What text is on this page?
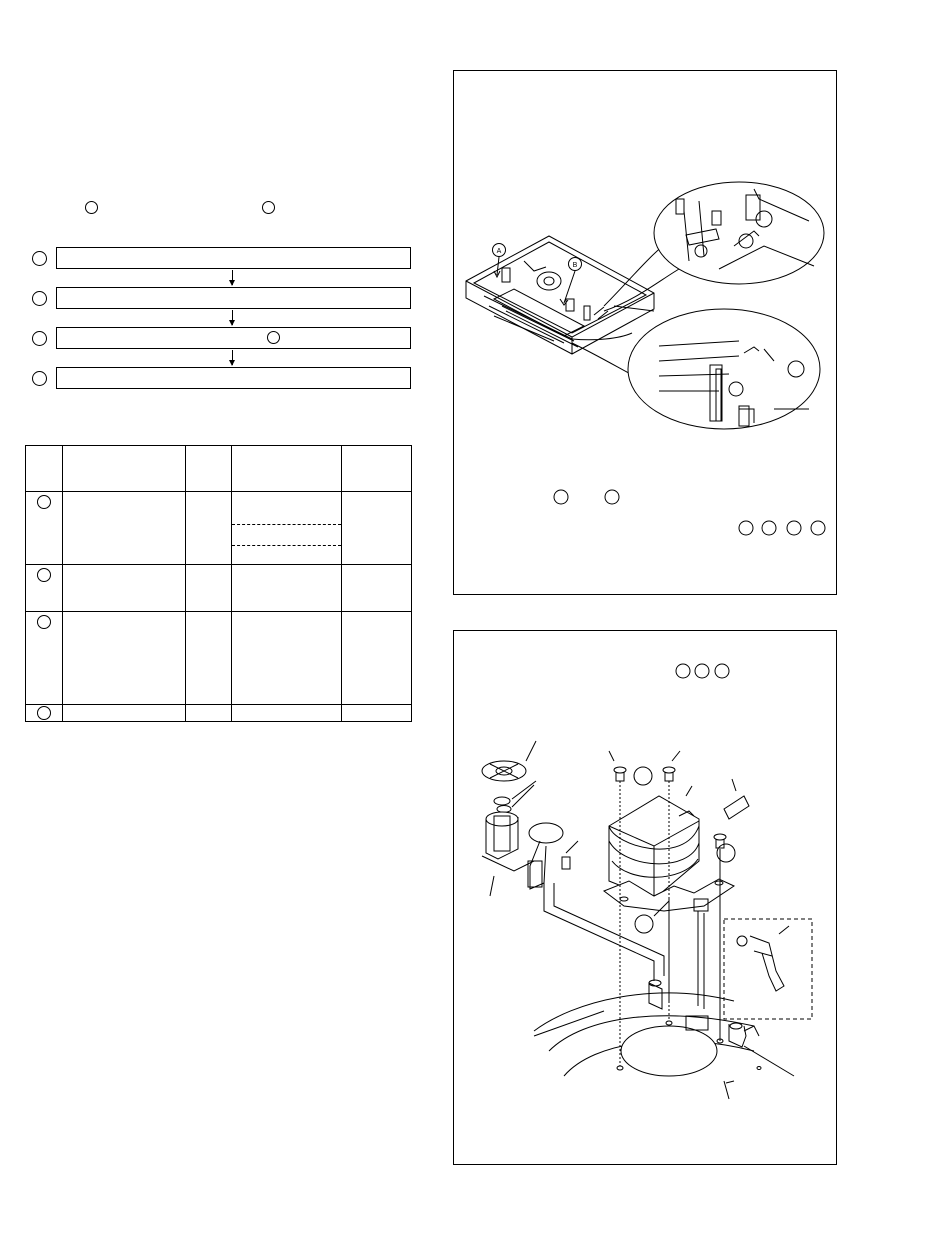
A
B
